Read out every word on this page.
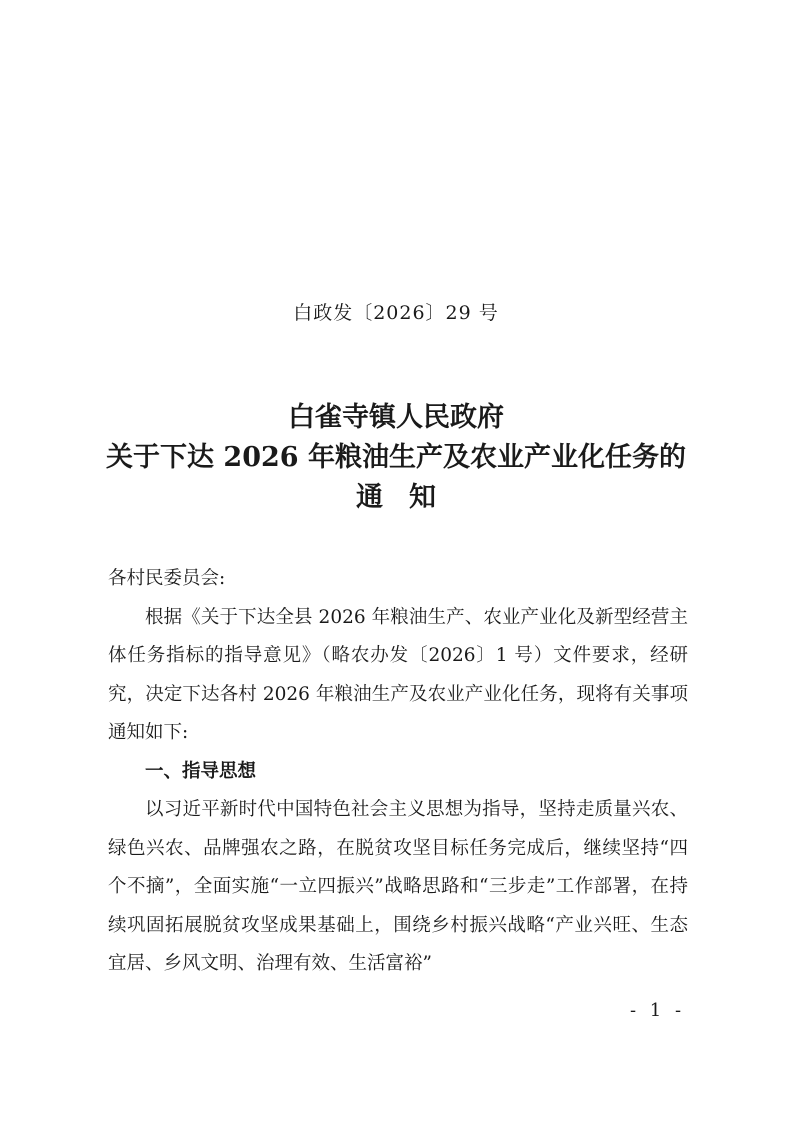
白政发〔2026〕29 号
白雀寺镇人民政府
关于下达 2026 年粮油生产及农业产业化任务的
通知

各村民委员会:

根据《关于下达全县 2026 年粮油生产、农业产业化及新型经营主体任务指标的指导意见》（略农办发〔2026〕1 号）文件要求，经研究，决定下达各村 2026 年粮油生产及农业产业化任务，现将有关事项通知如下:

一、指导思想

以习近平新时代中国特色社会主义思想为指导，坚持走质量兴农、绿色兴农、品牌强农之路，在脱贫攻坚目标任务完成后，继续坚持“四个不摘”，全面实施“一立四振兴”战略思路和“三步走”工作部署，在持续巩固拓展脱贫攻坚成果基础上，围绕乡村振兴战略“产业兴旺、生态宜居、乡风文明、治理有效、生活富裕”

- 1 -
